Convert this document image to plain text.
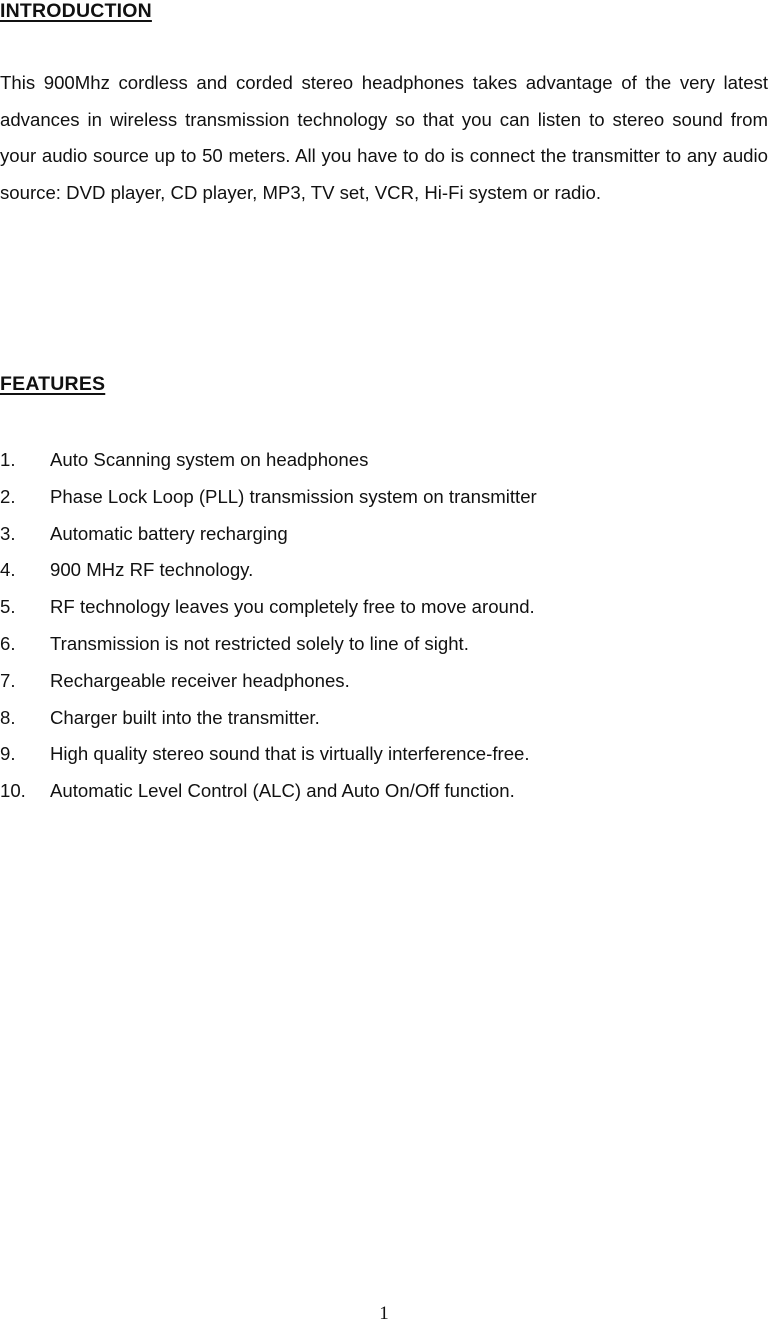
INTRODUCTION

This 900Mhz cordless and corded stereo headphones takes advantage of the very latest advances in wireless transmission technology so that you can listen to stereo sound from your audio source up to 50 meters. All you have to do is connect the transmitter to any audio source: DVD player, CD player, MP3, TV set, VCR, Hi-Fi system or radio.

FEATURES
1.	Auto Scanning system on headphones
2.	Phase Lock Loop (PLL) transmission system on transmitter
3.	Automatic battery recharging
4.	900 MHz RF technology.
5.	RF technology leaves you completely free to move around.
6.	Transmission is not restricted solely to line of sight.
7.	Rechargeable receiver headphones.
8.	Charger built into the transmitter.
9.	High quality stereo sound that is virtually interference-free.
10.	Automatic Level Control (ALC) and Auto On/Off function.
1
